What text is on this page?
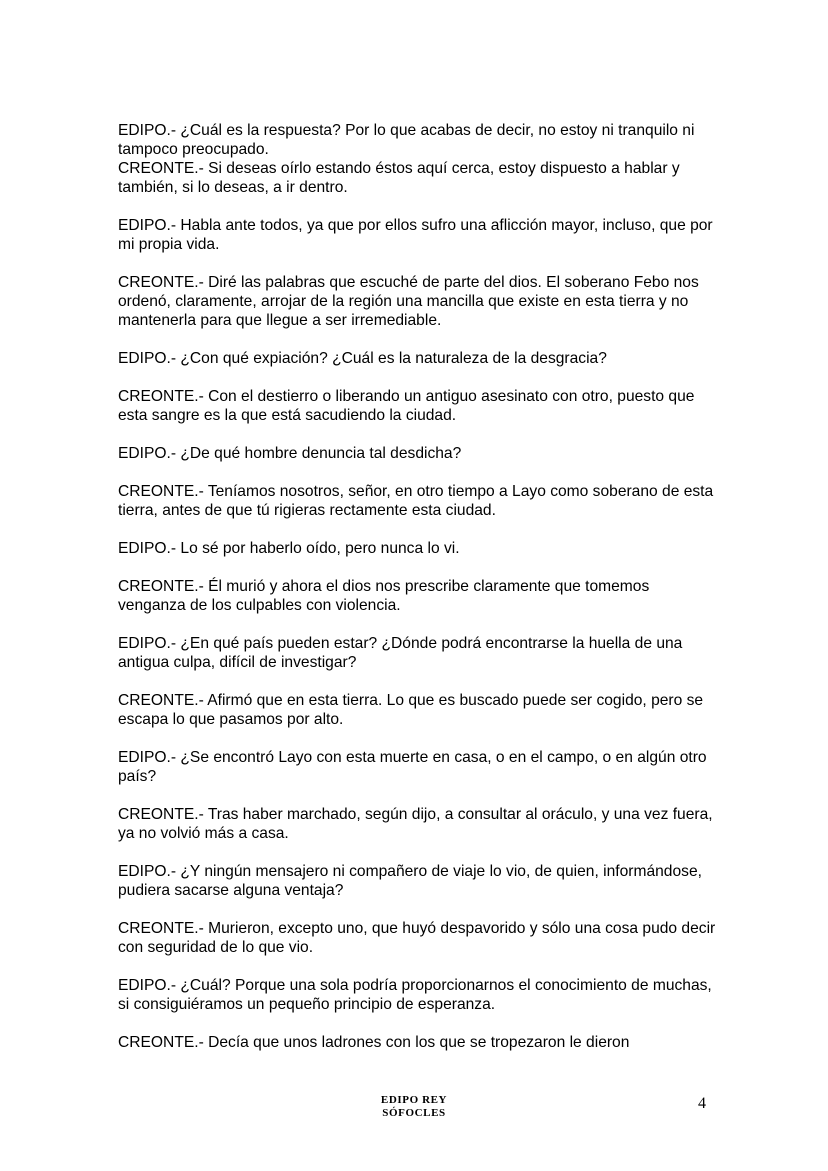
EDIPO.- ¿Cuál es la respuesta? Por lo que acabas de decir, no estoy ni tranquilo ni tampoco preocupado.

CREONTE.- Si deseas oírlo estando éstos aquí cerca, estoy dispuesto a hablar y también, si lo deseas, a ir dentro.

EDIPO.- Habla ante todos, ya que por ellos sufro una aflicción mayor, incluso, que por mi propia vida.

CREONTE.- Diré las palabras que escuché de parte del dios. El soberano Febo nos ordenó, claramente, arrojar de la región una mancilla que existe en esta tierra y no mantenerla para que llegue a ser irremediable.

EDIPO.- ¿Con qué expiación? ¿Cuál es la naturaleza de la desgracia?

CREONTE.- Con el destierro o liberando un antiguo asesinato con otro, puesto que esta sangre es la que está sacudiendo la ciudad.

EDIPO.- ¿De qué hombre denuncia tal desdicha?

CREONTE.- Teníamos nosotros, señor, en otro tiempo a Layo como soberano de esta tierra, antes de que tú rigieras rectamente esta ciudad.

EDIPO.- Lo sé por haberlo oído, pero nunca lo vi.

CREONTE.- Él murió y ahora el dios nos prescribe claramente que tomemos venganza de los culpables con violencia.

EDIPO.- ¿En qué país pueden estar? ¿Dónde podrá encontrarse la huella de una antigua culpa, difícil de investigar?

CREONTE.- Afirmó que en esta tierra. Lo que es buscado puede ser cogido, pero se escapa lo que pasamos por alto.

EDIPO.- ¿Se encontró Layo con esta muerte en casa, o en el campo, o en algún otro país?

CREONTE.- Tras haber marchado, según dijo, a consultar al oráculo, y una vez fuera, ya no volvió más a casa.

EDIPO.- ¿Y ningún mensajero ni compañero de viaje lo vio, de quien, informándose, pudiera sacarse alguna ventaja?

CREONTE.- Murieron, excepto uno, que huyó despavorido y sólo una cosa pudo decir con seguridad de lo que vio.

EDIPO.- ¿Cuál? Porque una sola podría proporcionarnos el conocimiento de muchas, si consiguiéramos un pequeño principio de esperanza.

CREONTE.- Decía que unos ladrones con los que se tropezaron le dieron

EDIPO REY
SÓFOCLES
4
